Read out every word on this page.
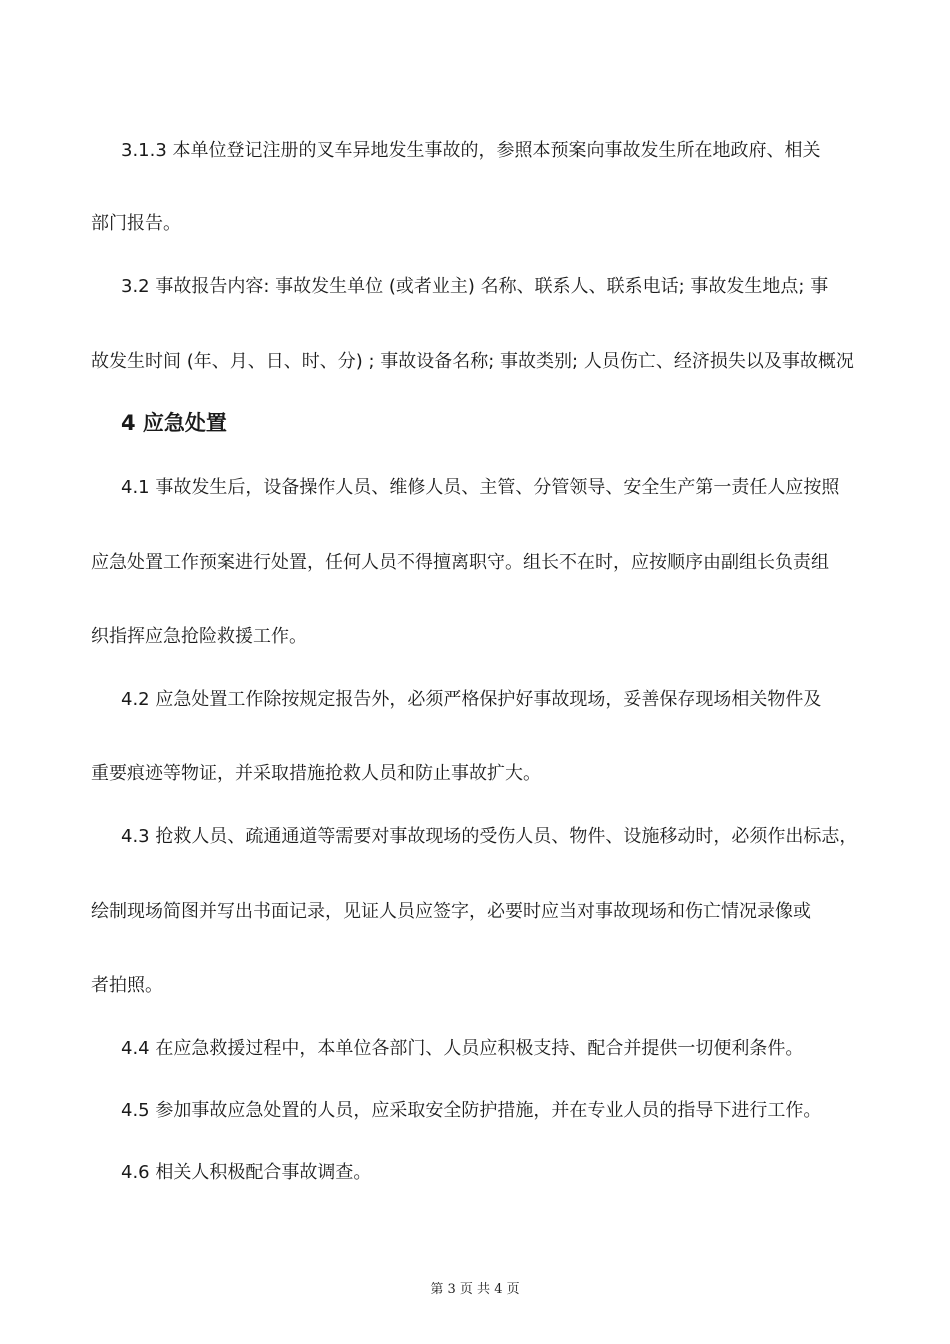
3.1.3 本单位登记注册的叉车异地发生事故的，参照本预案向事故发生所在地政府、相关
部门报告。
3.2 事故报告内容: 事故发生单位 (或者业主) 名称、联系人、联系电话; 事故发生地点; 事
故发生时间 (年、月、日、时、分) ; 事故设备名称; 事故类别; 人员伤亡、经济损失以及事故概况
4 应急处置
4.1 事故发生后，设备操作人员、维修人员、主管、分管领导、安全生产第一责任人应按照
应急处置工作预案进行处置，任何人员不得擅离职守。组长不在时，应按顺序由副组长负责组
织指挥应急抢险救援工作。
4.2 应急处置工作除按规定报告外，必须严格保护好事故现场，妥善保存现场相关物件及
重要痕迹等物证，并采取措施抢救人员和防止事故扩大。
4.3 抢救人员、疏通通道等需要对事故现场的受伤人员、物件、设施移动时，必须作出标志，
绘制现场简图并写出书面记录，见证人员应签字，必要时应当对事故现场和伤亡情况录像或
者拍照。
4.4 在应急救援过程中，本单位各部门、人员应积极支持、配合并提供一切便利条件。
4.5 参加事故应急处置的人员，应采取安全防护措施，并在专业人员的指导下进行工作。
4.6 相关人积极配合事故调查。
第 3 页 共 4 页
